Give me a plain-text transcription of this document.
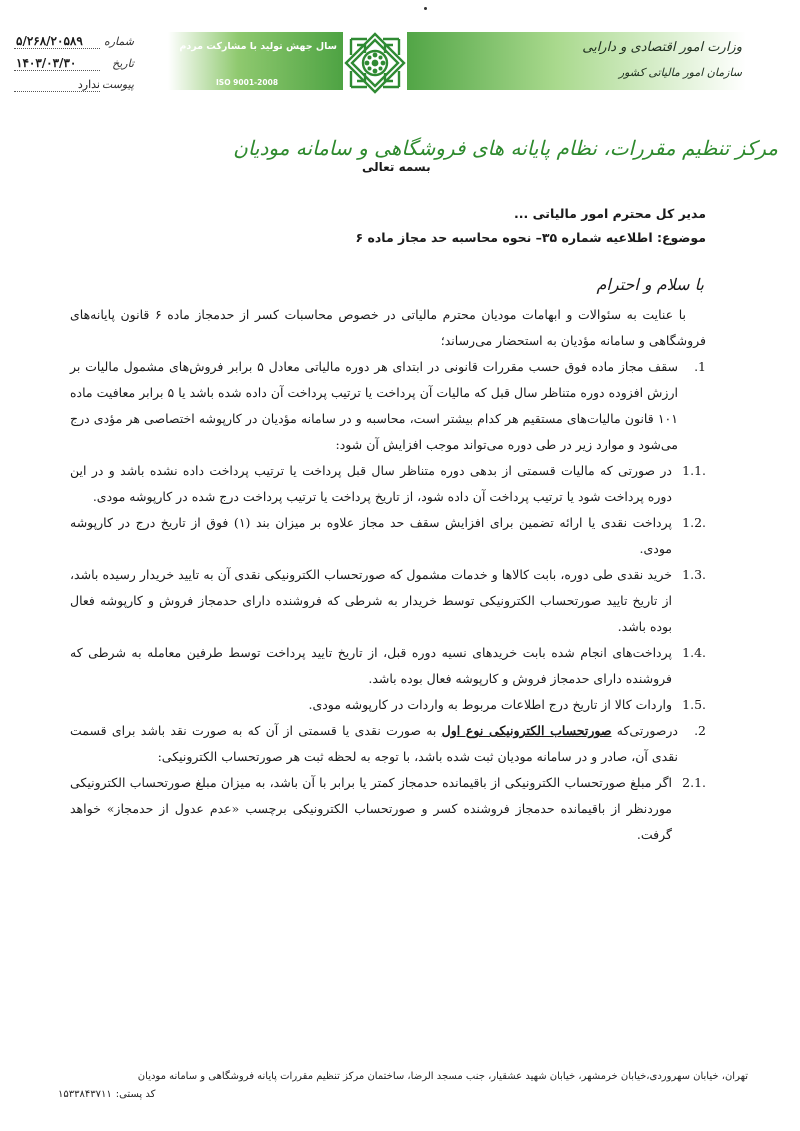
شماره
۵/۲۶۸/۲۰۵۸۹
تاریخ
۱۴۰۳/۰۳/۳۰
پیوست
ندارد
سال جهش تولید با مشارکت مردم
ISO 9001-2008
وزارت امور اقتصادی و دارایی
سازمان امور مالیاتی کشور
مرکز تنظیم مقررات، نظام پایانه های فروشگاهی و سامانه مودیان
بسمه تعالی
مدیر کل محترم امور مالیاتی ...
موضوع: اطلاعیه شماره ۳۵– نحوه محاسبه حد مجاز ماده ۶
با سلام و احترام

با عنایت به سئوالات و ابهامات مودیان محترم مالیاتی در خصوص محاسبات کسر از حدمجاز ماده ۶ قانون پایانه‌های فروشگاهی و سامانه مؤدیان به استحضار می‌رساند؛

.1
سقف مجاز ماده فوق حسب مقررات قانونی در ابتدای هر دوره مالیاتی معادل ۵ برابر فروش‌های مشمول مالیات بر ارزش افزوده دوره متناظر سال قبل که مالیات آن پرداخت یا ترتیب پرداخت آن داده شده باشد یا ۵ برابر معافیت ماده ۱۰۱ قانون مالیات‌های مستقیم هر کدام بیشتر است، محاسبه و در سامانه مؤدیان در کارپوشه اختصاصی هر مؤدی درج می‌شود و موارد زیر در طی دوره می‌تواند موجب افزایش آن شود:
1.1.
در صورتی که مالیات قسمتی از بدهی دوره متناظر سال قبل پرداخت یا ترتیب پرداخت داده نشده باشد و در این دوره پرداخت شود یا ترتیب پرداخت آن داده شود، از تاریخ پرداخت یا ترتیب پرداخت درج شده در کارپوشه مودی.
1.2.
پرداخت نقدی یا ارائه تضمین برای افزایش سقف حد مجاز علاوه بر میزان بند (۱) فوق از تاریخ درج در کارپوشه مودی.
1.3.
خرید نقدی طی دوره، بابت کالاها و خدمات مشمول که صورتحساب الکترونیکی نقدی آن به تایید خریدار رسیده باشد، از تاریخ تایید صورتحساب الکترونیکی توسط خریدار به شرطی که فروشنده دارای حدمجاز فروش و کارپوشه فعال بوده باشد.
1.4.
پرداخت‌های انجام شده بابت خریدهای نسیه دوره قبل، از تاریخ تایید پرداخت توسط طرفین معامله به شرطی که فروشنده دارای حدمجاز فروش و کارپوشه فعال بوده باشد.
1.5.
واردات کالا از تاریخ درج اطلاعات مربوط به واردات در کارپوشه مودی.
.2
درصورتی‌که صورتحساب الکترونیکی نوع اول به صورت نقدی یا قسمتی از آن که به صورت نقد باشد برای قسمت نقدی آن، صادر و در سامانه مودیان ثبت شده باشد، با توجه به لحظه ثبت هر صورتحساب الکترونیکی:
2.1.
اگر مبلغ صورتحساب الکترونیکی از باقیمانده حدمجاز کمتر یا برابر با آن باشد، به میزان مبلغ صورتحساب الکترونیکی موردنظر از باقیمانده حدمجاز فروشنده کسر و صورتحساب الکترونیکی برچسب «عدم عدول از حدمجاز» خواهد گرفت.
تهران، خیابان سهروردی،خیابان خرمشهر، خیابان شهید عشقیار، جنب مسجد الرضا، ساختمان مرکز تنظیم مقررات پایانه فروشگاهی و سامانه مودیان
کد پستی:
۱۵۳۳۸۴۳۷۱۱
